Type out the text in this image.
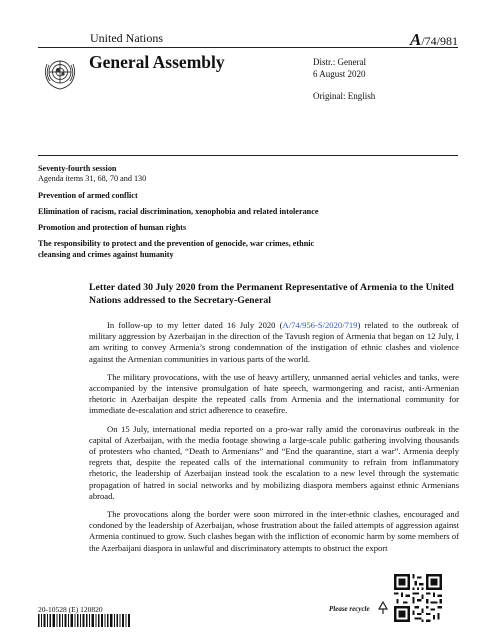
United Nations	A/74/981
General Assembly	Distr.: General
6 August 2020
Original: English
Seventy-fourth session
Agenda items 31, 68, 70 and 130
Prevention of armed conflict
Elimination of racism, racial discrimination, xenophobia and related intolerance
Promotion and protection of human rights
The responsibility to protect and the prevention of genocide, war crimes, ethnic cleansing and crimes against humanity
Letter dated 30 July 2020 from the Permanent Representative of Armenia to the United Nations addressed to the Secretary-General

In follow-up to my letter dated 16 July 2020 (A/74/956-S/2020/719) related to the outbreak of military aggression by Azerbaijan in the direction of the Tavush region of Armenia that began on 12 July, I am writing to convey Armenia’s strong condemnation of the instigation of ethnic clashes and violence against the Armenian communities in various parts of the world.

The military provocations, with the use of heavy artillery, unmanned aerial vehicles and tanks, were accompanied by the intensive promulgation of hate speech, warmongering and racist, anti-Armenian rhetoric in Azerbaijan despite the repeated calls from Armenia and the international community for immediate de-escalation and strict adherence to ceasefire.

On 15 July, international media reported on a pro-war rally amid the coronavirus outbreak in the capital of Azerbaijan, with the media footage showing a large-scale public gathering involving thousands of protesters who chanted, “Death to Armenians” and “End the quarantine, start a war”. Armenia deeply regrets that, despite the repeated calls of the international community to refrain from inflammatory rhetoric, the leadership of Azerbaijan instead took the escalation to a new level through the systematic propagation of hatred in social networks and by mobilizing diaspora members against ethnic Armenians abroad.

The provocations along the border were soon mirrored in the inter-ethnic clashes, encouraged and condoned by the leadership of Azerbaijan, whose frustration about the failed attempts of aggression against Armenia continued to grow. Such clashes began with the infliction of economic harm by some members of the Azerbaijani diaspora in unlawful and discriminatory attempts to obstruct the export

20-10528 (E) 120820	Please recycle
